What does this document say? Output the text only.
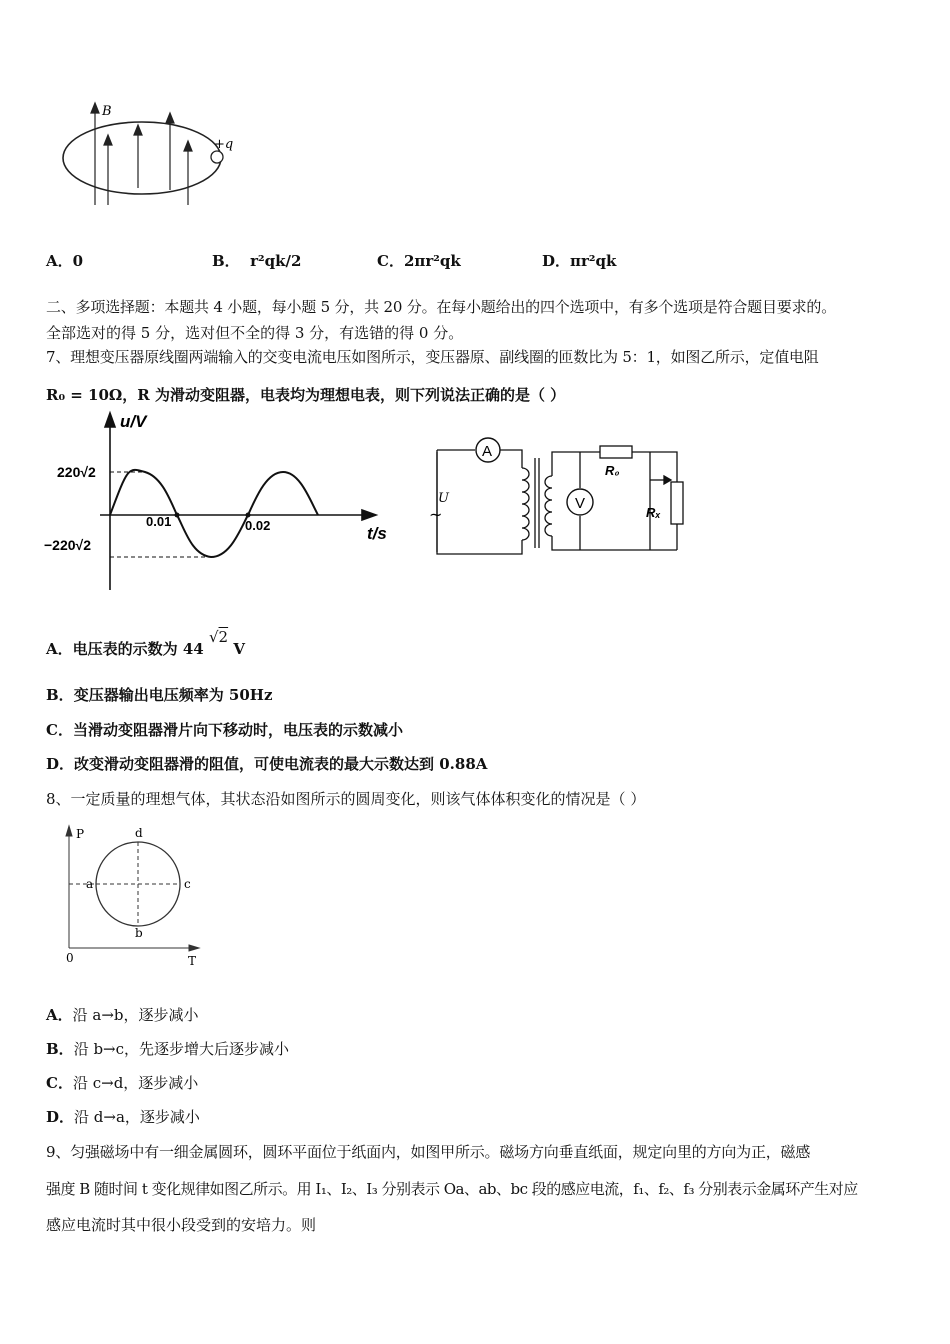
B
+q
A．0	B． r²qk/2	C．2πr²qk	D．πr²qk
二、多项选择题：本题共 4 小题，每小题 5 分，共 20 分。在每小题给出的四个选项中，有多个选项是符合题目要求的。
全部选对的得 5 分，选对但不全的得 3 分，有选错的得 0 分。
7、理想变压器原线圈两端输入的交变电流电压如图所示，变压器原、副线圈的匝数比为 5：1，如图乙所示，定值电阻
R₀ = 10Ω，R 为滑动变阻器，电表均为理想电表，则下列说法正确的是（ ）
u/V
t/s
220√2
−220√2
0.01	0.02
A
V
R₀
Rₓ
U
~
A．电压表的示数为 44 √2 V
B．变压器输出电压频率为 50Hz
C．当滑动变阻器滑片向下移动时，电压表的示数减小
D．改变滑动变阻器滑的阻值，可使电流表的最大示数达到 0.88A
8、一定质量的理想气体，其状态沿如图所示的圆周变化，则该气体体积变化的情况是（ ）
P
T
0
a
b
c
d
A．沿 a→b，逐步减小
B．沿 b→c，先逐步增大后逐步减小
C．沿 c→d，逐步减小
D．沿 d→a，逐步减小
9、匀强磁场中有一细金属圆环，圆环平面位于纸面内，如图甲所示。磁场方向垂直纸面，规定向里的方向为正，磁感
强度 B 随时间 t 变化规律如图乙所示。用 I₁、I₂、I₃ 分别表示 Oa、ab、bc 段的感应电流，f₁、f₂、f₃ 分别表示金属环产生对应
感应电流时其中很小段受到的安培力。则
